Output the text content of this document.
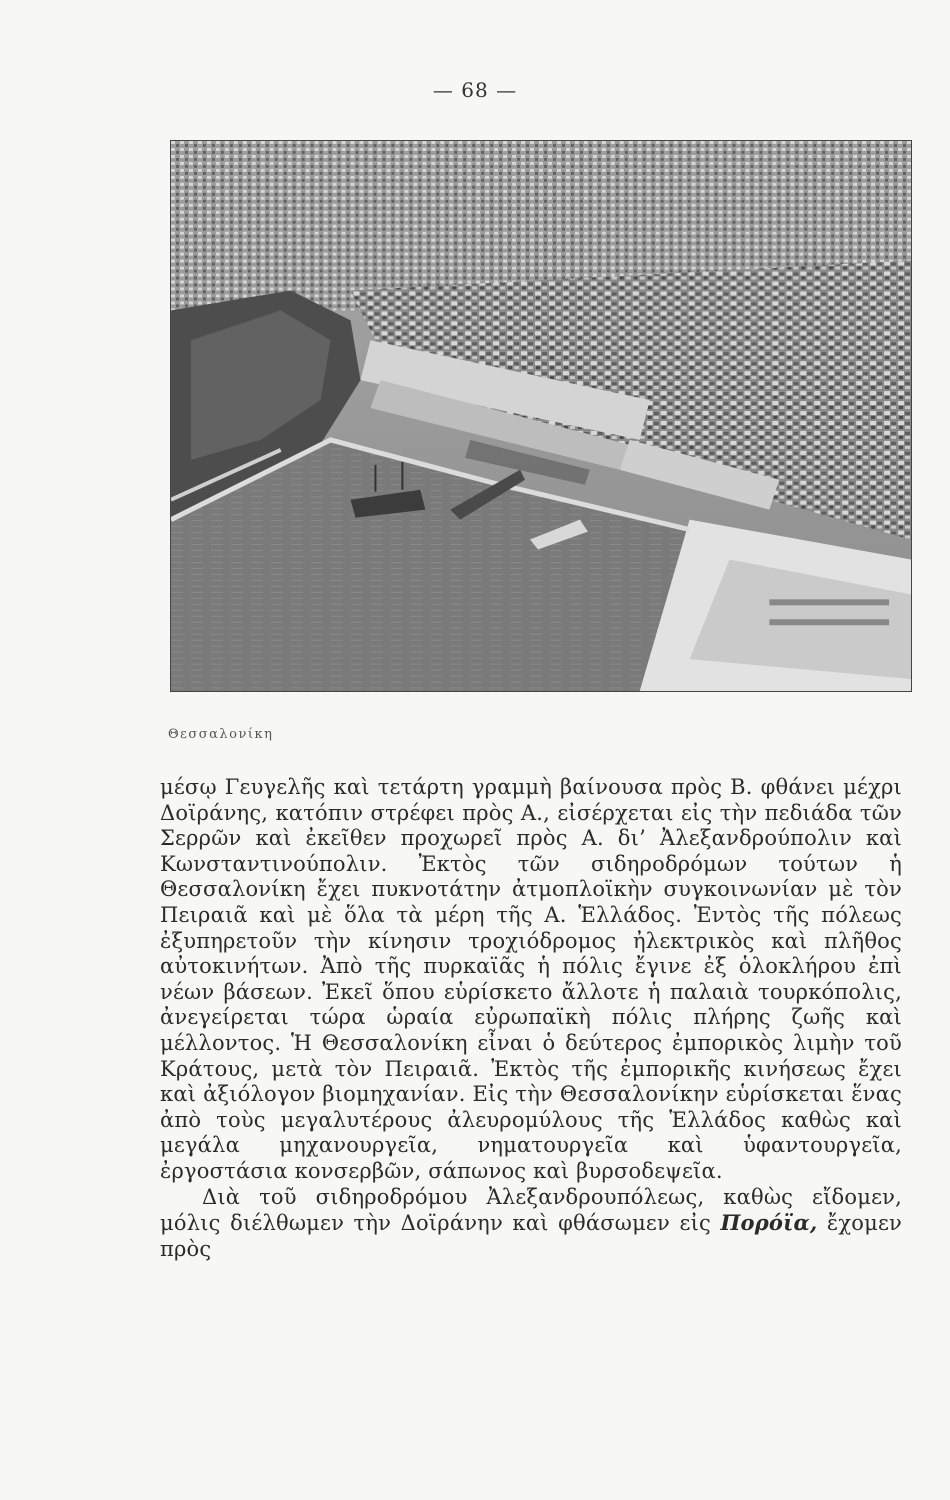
— 68 —
Θεσσαλονίκη

μέσῳ Γευγελῆς καὶ τετάρτη γραμμὴ βαίνουσα πρὸς Β. φθάνει μέχρι Δοϊράνης, κατόπιν στρέφει πρὸς Α., εἰσέρχεται εἰς τὴν πεδιάδα τῶν Σερρῶν καὶ ἐκεῖθεν προχωρεῖ πρὸς Α. δι’ Ἀλεξανδρούπολιν καὶ Κωνσταντινούπολιν. Ἐκτὸς τῶν σιδηροδρόμων τούτων ἡ Θεσσαλονίκη ἔχει πυκνοτάτην ἀτμοπλοϊκὴν συγκοινωνίαν μὲ τὸν Πειραιᾶ καὶ μὲ ὅλα τὰ μέρη τῆς Α. Ἑλλάδος. Ἐντὸς τῆς πόλεως ἐξυπηρετοῦν τὴν κίνησιν τροχιόδρομος ἠλεκτρικὸς καὶ πλῆθος αὐτοκινήτων. Ἀπὸ τῆς πυρκαϊᾶς ἡ πόλις ἔγινε ἐξ ὁλοκλήρου ἐπὶ νέων βάσεων. Ἐκεῖ ὅπου εὑρίσκετο ἄλλοτε ἡ παλαιὰ τουρκόπολις, ἀνεγείρεται τώρα ὡραία εὐρωπαϊκὴ πόλις πλήρης ζωῆς καὶ μέλλοντος. Ἡ Θεσσαλονίκη εἶναι ὁ δεύτερος ἐμπορικὸς λιμὴν τοῦ Κράτους, μετὰ τὸν Πειραιᾶ. Ἐκτὸς τῆς ἐμπορικῆς κινήσεως ἔχει καὶ ἀξιόλογον βιομηχανίαν. Εἰς τὴν Θεσσαλονίκην εὑρίσκεται ἕνας ἀπὸ τοὺς μεγαλυτέρους ἀλευρομύλους τῆς Ἑλλάδος καθὼς καὶ μεγάλα μηχανουργεῖα, νηματουργεῖα καὶ ὑφαντουργεῖα, ἐργοστάσια κονσερβῶν, σάπωνος καὶ βυρσοδεψεῖα.

Διὰ τοῦ σιδηροδρόμου Ἀλεξανδρουπόλεως, καθὼς εἴδομεν, μόλις διέλθωμεν τὴν Δοϊράνην καὶ φθάσωμεν εἰς Πορόϊα, ἔχομεν πρὸς
